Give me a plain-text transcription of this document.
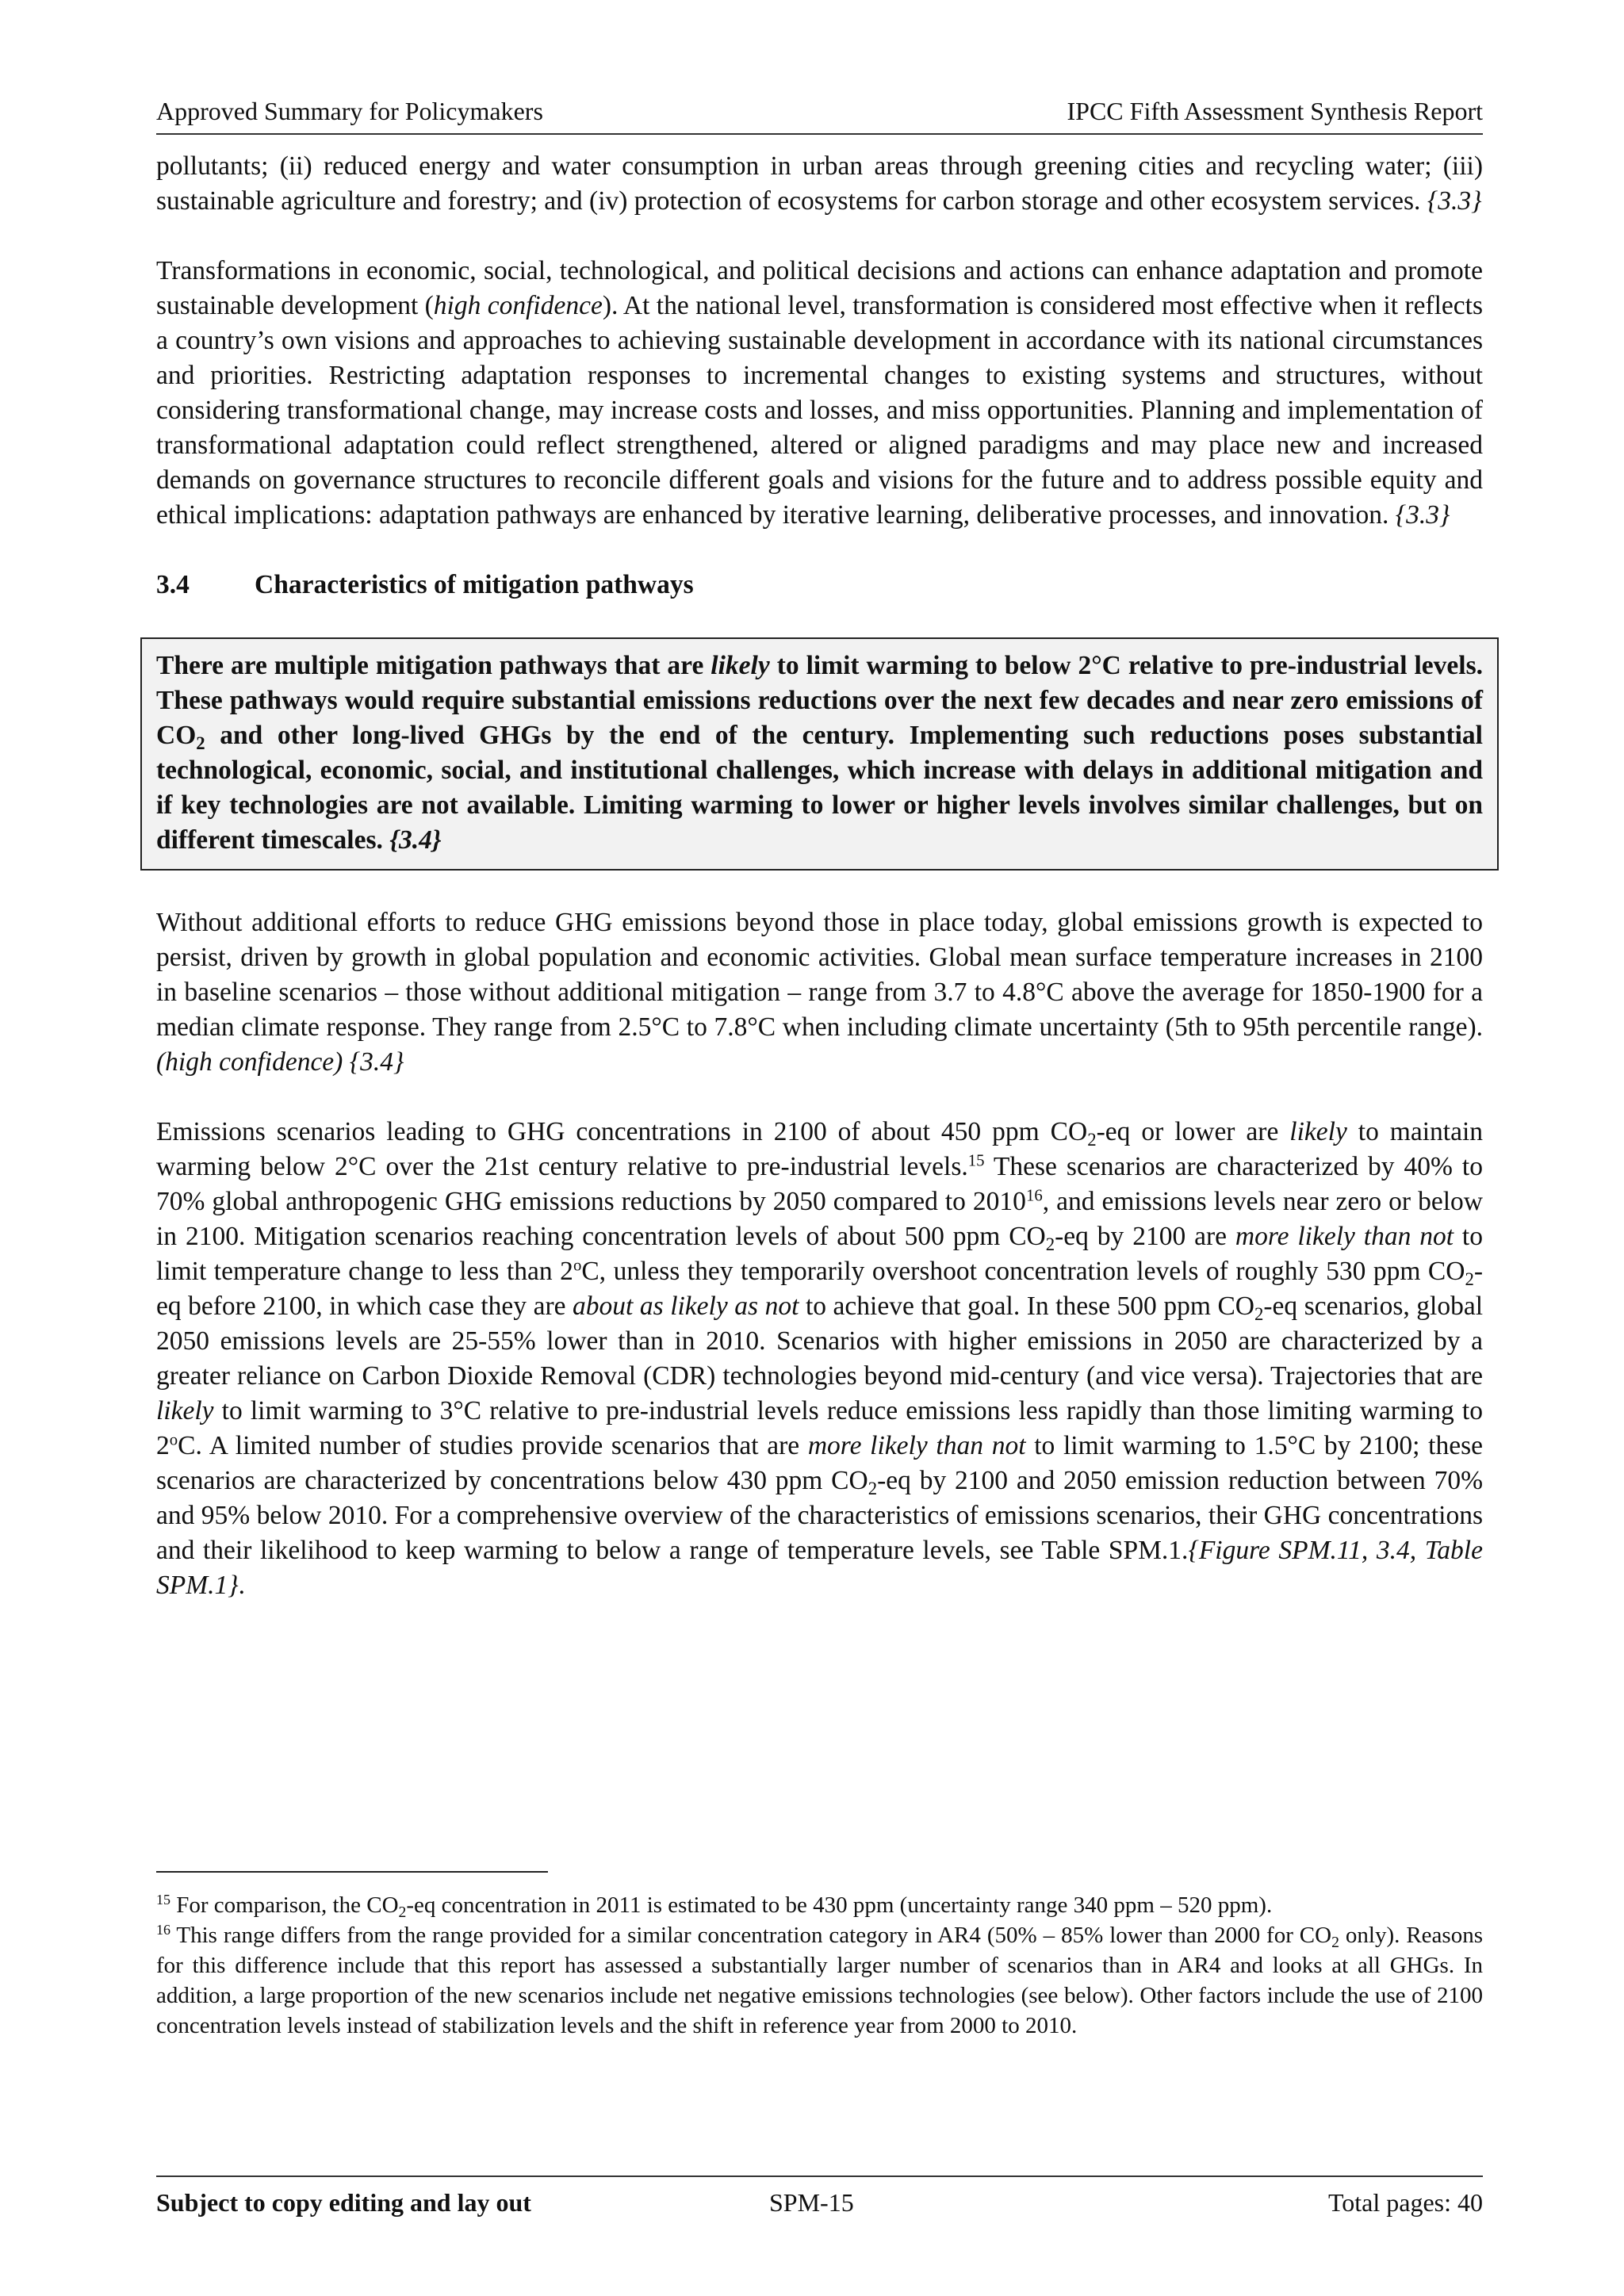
Approved Summary for Policymakers	IPCC Fifth Assessment Synthesis Report

pollutants; (ii) reduced energy and water consumption in urban areas through greening cities and recycling water; (iii) sustainable agriculture and forestry; and (iv) protection of ecosystems for carbon storage and other ecosystem services. {3.3}

Transformations in economic, social, technological, and political decisions and actions can enhance adaptation and promote sustainable development (high confidence). At the national level, transformation is considered most effective when it reflects a country’s own visions and approaches to achieving sustainable development in accordance with its national circumstances and priorities. Restricting adaptation responses to incremental changes to existing systems and structures, without considering transformational change, may increase costs and losses, and miss opportunities. Planning and implementation of transformational adaptation could reflect strengthened, altered or aligned paradigms and may place new and increased demands on governance structures to reconcile different goals and visions for the future and to address possible equity and ethical implications: adaptation pathways are enhanced by iterative learning, deliberative processes, and innovation. {3.3}

3.4 Characteristics of mitigation pathways
There are multiple mitigation pathways that are likely to limit warming to below 2°C relative to pre-industrial levels. These pathways would require substantial emissions reductions over the next few decades and near zero emissions of $CO_2$ and other long-lived GHGs by the end of the century. Implementing such reductions poses substantial technological, economic, social, and institutional challenges, which increase with delays in additional mitigation and if key technologies are not available. Limiting warming to lower or higher levels involves similar challenges, but on different timescales. {3.4}

Without additional efforts to reduce GHG emissions beyond those in place today, global emissions growth is expected to persist, driven by growth in global population and economic activities. Global mean surface temperature increases in 2100 in baseline scenarios – those without additional mitigation – range from 3.7 to 4.8°C above the average for 1850-1900 for a median climate response. They range from 2.5°C to 7.8°C when including climate uncertainty (5th to 95th percentile range). (high confidence) {3.4}

Emissions scenarios leading to GHG concentrations in 2100 of about 450 ppm $CO_2-eq$ or lower are likely to maintain warming below 2°C over the 21st century relative to pre-industrial levels.$^{15}$ These scenarios are characterized by 40% to 70% global anthropogenic GHG emissions reductions by 2050 compared to 2010$^{16}$, and emissions levels near zero or below in 2100. Mitigation scenarios reaching concentration levels of about 500 ppm $CO_2-eq$ by 2100 are more likely than not to limit temperature change to less than 2$^o$C, unless they temporarily overshoot concentration levels of roughly 530 ppm $CO_2-eq$ before 2100, in which case they are about as likely as not to achieve that goal. In these 500 ppm $CO_2-eq$ scenarios, global 2050 emissions levels are 25-55% lower than in 2010. Scenarios with higher emissions in 2050 are characterized by a greater reliance on Carbon Dioxide Removal (CDR) technologies beyond mid-century (and vice versa). Trajectories that are likely to limit warming to 3°C relative to pre-industrial levels reduce emissions less rapidly than those limiting warming to 2$^o$C. A limited number of studies provide scenarios that are more likely than not to limit warming to 1.5°C by 2100; these scenarios are characterized by concentrations below 430 ppm $CO_2-eq$ by 2100 and 2050 emission reduction between 70% and 95% below 2010. For a comprehensive overview of the characteristics of emissions scenarios, their GHG concentrations and their likelihood to keep warming to below a range of temperature levels, see Table SPM.1.{Figure SPM.11, 3.4, Table SPM.1}.

$^{15}$ For comparison, the $CO_2-eq$ concentration in 2011 is estimated to be 430 ppm (uncertainty range 340 ppm – 520 ppm).

$^{16}$ This range differs from the range provided for a similar concentration category in AR4 (50% – 85% lower than 2000 for $CO_2$ only). Reasons for this difference include that this report has assessed a substantially larger number of scenarios than in AR4 and looks at all GHGs. In addition, a large proportion of the new scenarios include net negative emissions technologies (see below). Other factors include the use of 2100 concentration levels instead of stabilization levels and the shift in reference year from 2000 to 2010.

Subject to copy editing and lay out	SPM-15	Total pages: 40
